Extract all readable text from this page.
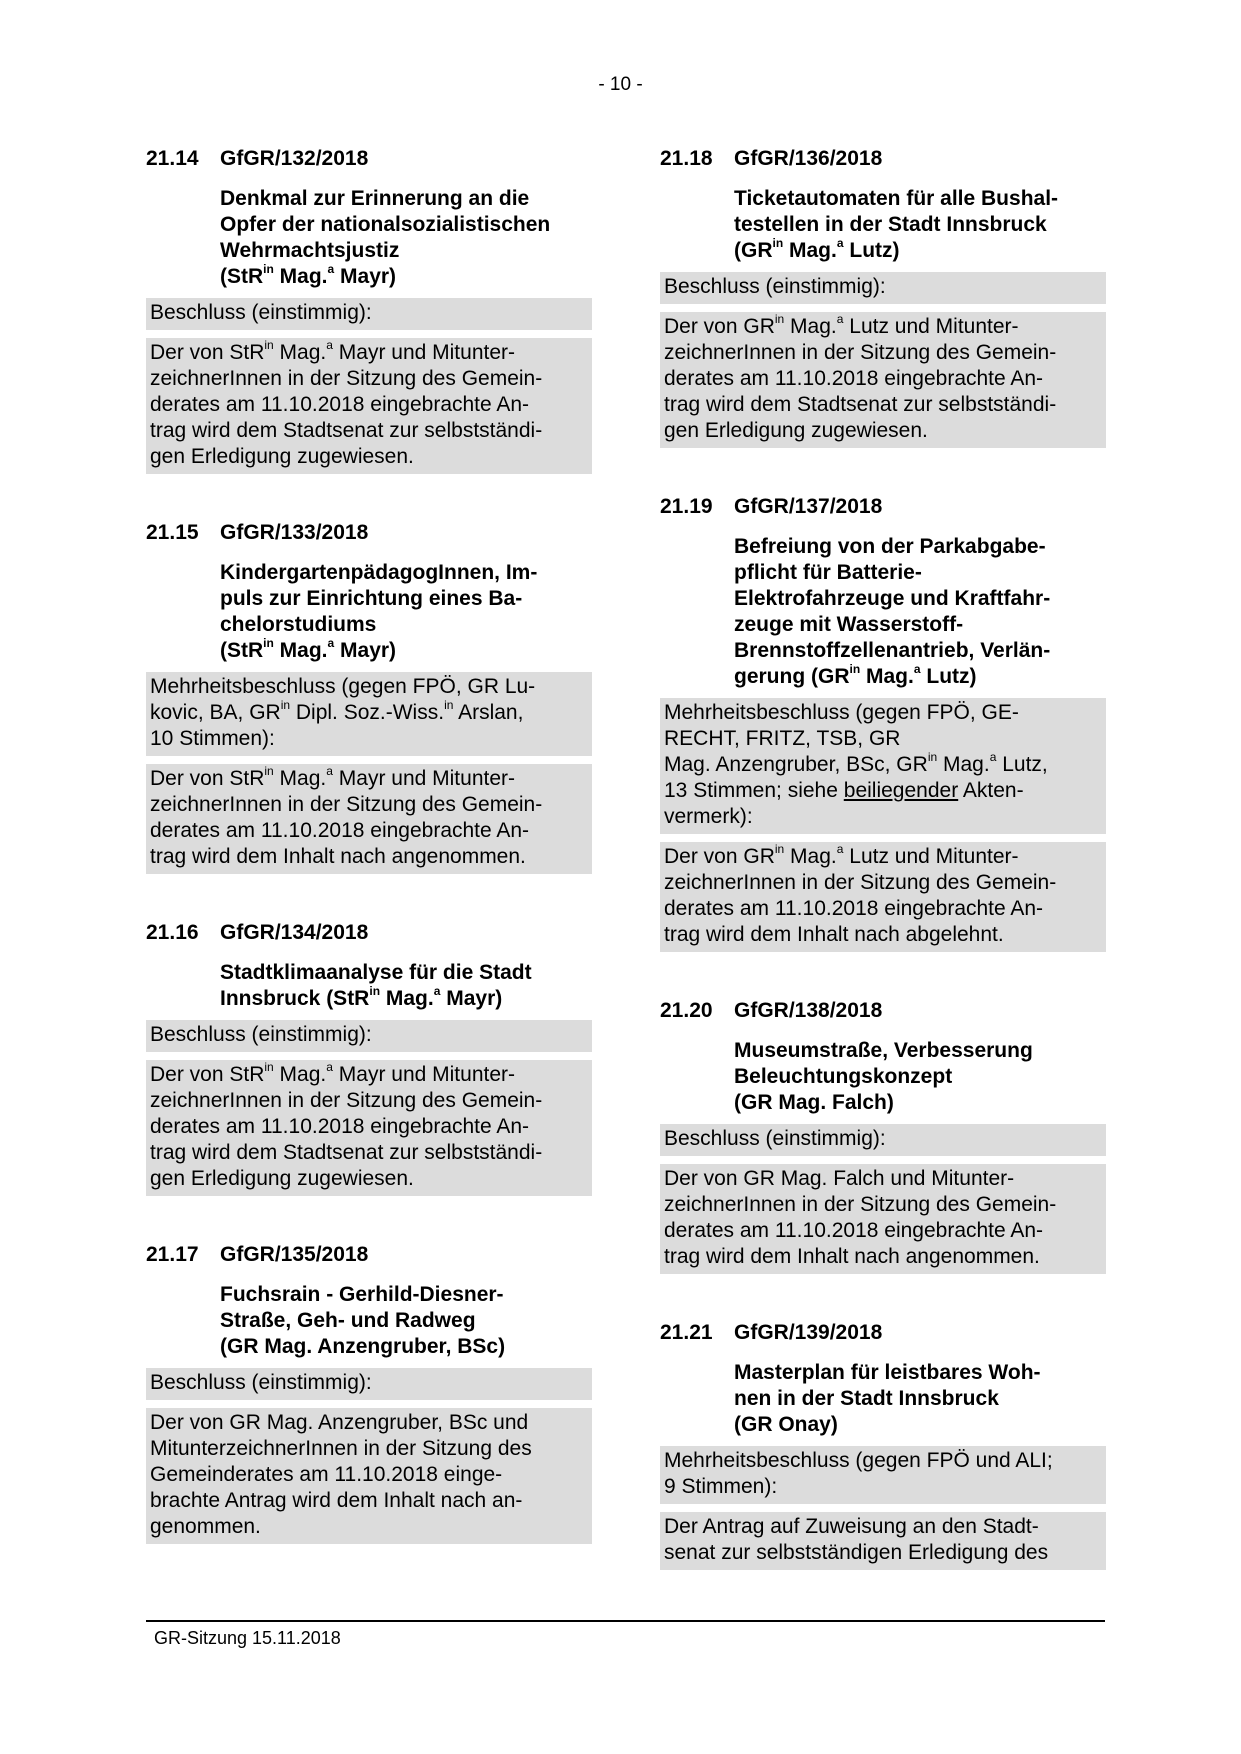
- 10 -
21.14	GfGR/132/2018
Denkmal zur Erinnerung an die
Opfer der nationalsozialistischen
Wehrmachtsjustiz
(StR$^{in}$ Mag.$^a$ Mayr)
Beschluss (einstimmig):
Der von StR$^{in}$ Mag.$^a$ Mayr und Mitunter-
zeichnerInnen in der Sitzung des Gemein-
derates am 11.10.2018 eingebrachte An-
trag wird dem Stadtsenat zur selbstständi-
gen Erledigung zugewiesen.
21.15	GfGR/133/2018
KindergartenpädagogInnen, Im-
puls zur Einrichtung eines Ba-
chelorstudiums
(StR$^{in}$ Mag.$^a$ Mayr)
Mehrheitsbeschluss (gegen FPÖ, GR Lu-
kovic, BA, $GR^{in}$ Dipl. Soz.-Wiss.$^{in}$ Arslan,
10 Stimmen):
Der von StR$^{in}$ Mag.$^a$ Mayr und Mitunter-
zeichnerInnen in der Sitzung des Gemein-
derates am 11.10.2018 eingebrachte An-
trag wird dem Inhalt nach angenommen.
21.16	GfGR/134/2018
Stadtklimaanalyse für die Stadt
Innsbruck (StR$^{in}$ Mag.$^a$ Mayr)
Beschluss (einstimmig):
Der von StR$^{in}$ Mag.$^a$ Mayr und Mitunter-
zeichnerInnen in der Sitzung des Gemein-
derates am 11.10.2018 eingebrachte An-
trag wird dem Stadtsenat zur selbstständi-
gen Erledigung zugewiesen.
21.17	GfGR/135/2018
Fuchsrain - Gerhild-Diesner-
Straße, Geh- und Radweg
(GR Mag. Anzengruber, BSc)
Beschluss (einstimmig):
Der von GR Mag. Anzengruber, BSc und
MitunterzeichnerInnen in der Sitzung des
Gemeinderates am 11.10.2018 einge-
brachte Antrag wird dem Inhalt nach an-
genommen.
21.18	GfGR/136/2018
Ticketautomaten für alle Bushal-
testellen in der Stadt Innsbruck
($GR^{in}$ Mag.$^a$ Lutz)
Beschluss (einstimmig):
Der von $GR^{in}$ Mag.$^a$ Lutz und Mitunter-
zeichnerInnen in der Sitzung des Gemein-
derates am 11.10.2018 eingebrachte An-
trag wird dem Stadtsenat zur selbstständi-
gen Erledigung zugewiesen.
21.19	GfGR/137/2018
Befreiung von der Parkabgabe-
pflicht für Batterie-
Elektrofahrzeuge und Kraftfahr-
zeuge mit Wasserstoff-
Brennstoffzellenantrieb, Verlän-
gerung ($GR^{in}$ Mag.$^a$ Lutz)
Mehrheitsbeschluss (gegen FPÖ, GE-
RECHT, FRITZ, TSB, GR
Mag. Anzengruber, BSc, $GR^{in}$ Mag.$^a$ Lutz,
13 Stimmen; siehe beiliegender Akten-
vermerk):
Der von $GR^{in}$ Mag.$^a$ Lutz und Mitunter-
zeichnerInnen in der Sitzung des Gemein-
derates am 11.10.2018 eingebrachte An-
trag wird dem Inhalt nach abgelehnt.
21.20	GfGR/138/2018
Museumstraße, Verbesserung
Beleuchtungskonzept
(GR Mag. Falch)
Beschluss (einstimmig):
Der von GR Mag. Falch und Mitunter-
zeichnerInnen in der Sitzung des Gemein-
derates am 11.10.2018 eingebrachte An-
trag wird dem Inhalt nach angenommen.
21.21	GfGR/139/2018
Masterplan für leistbares Woh-
nen in der Stadt Innsbruck
(GR Onay)
Mehrheitsbeschluss (gegen FPÖ und ALI;
9 Stimmen):
Der Antrag auf Zuweisung an den Stadt-
senat zur selbstständigen Erledigung des
GR-Sitzung 15.11.2018
